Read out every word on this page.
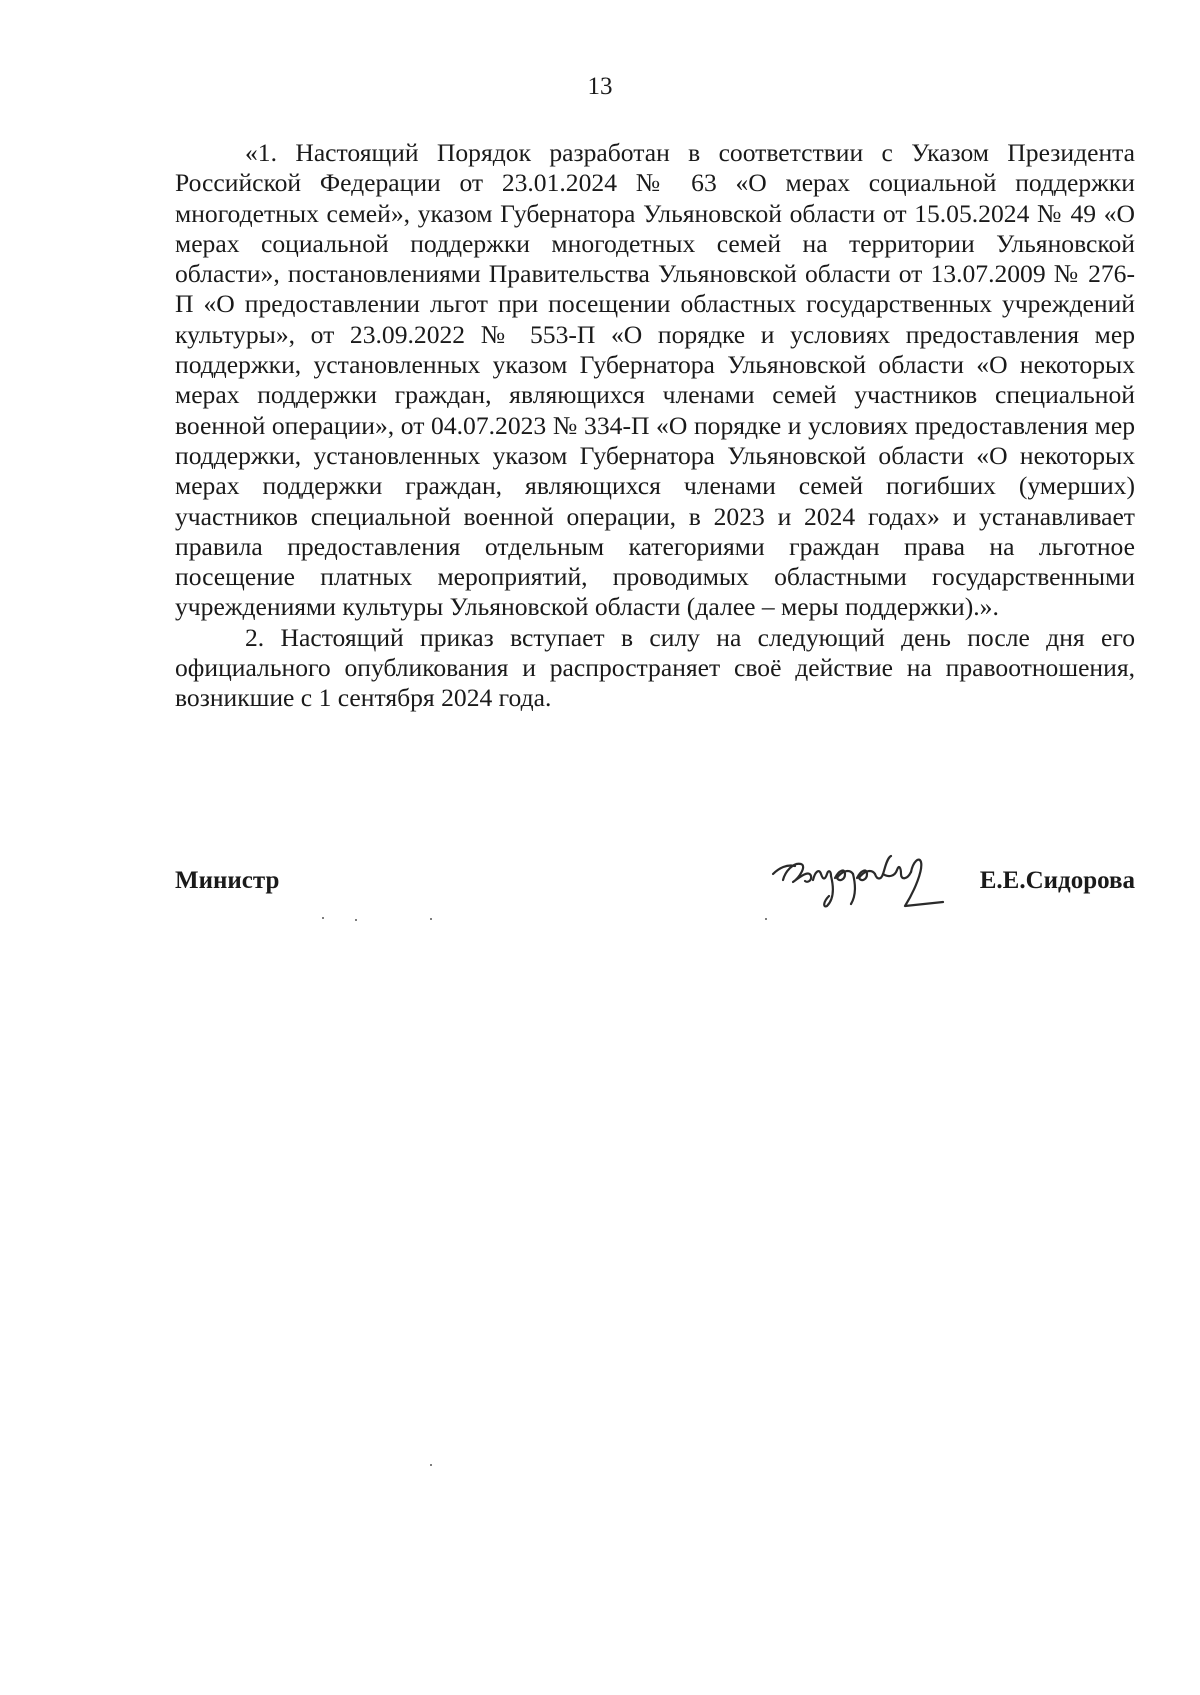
13

«1. Настоящий Порядок разработан в соответствии с Указом Президента Российской Федерации от 23.01.2024 № 63 «О мерах социальной поддержки многодетных семей», указом Губернатора Ульяновской области от 15.05.2024 № 49 «О мерах социальной поддержки многодетных семей на территории Ульяновской области», постановлениями Правительства Ульяновской области от 13.07.2009 № 276-П «О предоставлении льгот при посещении областных государственных учреждений культуры», от 23.09.2022 № 553-П «О порядке и условиях предоставления мер поддержки, установленных указом Губернатора Ульяновской области «О некоторых мерах поддержки граждан, являющихся членами семей участников специальной военной операции», от 04.07.2023 № 334-П «О порядке и условиях предоставления мер поддержки, установленных указом Губернатора Ульяновской области «О некоторых мерах поддержки граждан, являющихся членами семей погибших (умерших) участников специальной военной операции, в 2023 и 2024 годах» и устанавливает правила предоставления отдельным категориями граждан права на льготное посещение платных мероприятий, проводимых областными государственными учреждениями культуры Ульяновской области (далее – меры поддержки).».

2. Настоящий приказ вступает в силу на следующий день после дня его официального опубликования и распространяет своё действие на правоотношения, возникшие с 1 сентября 2024 года.

Министр	Е.Е.Сидорова
